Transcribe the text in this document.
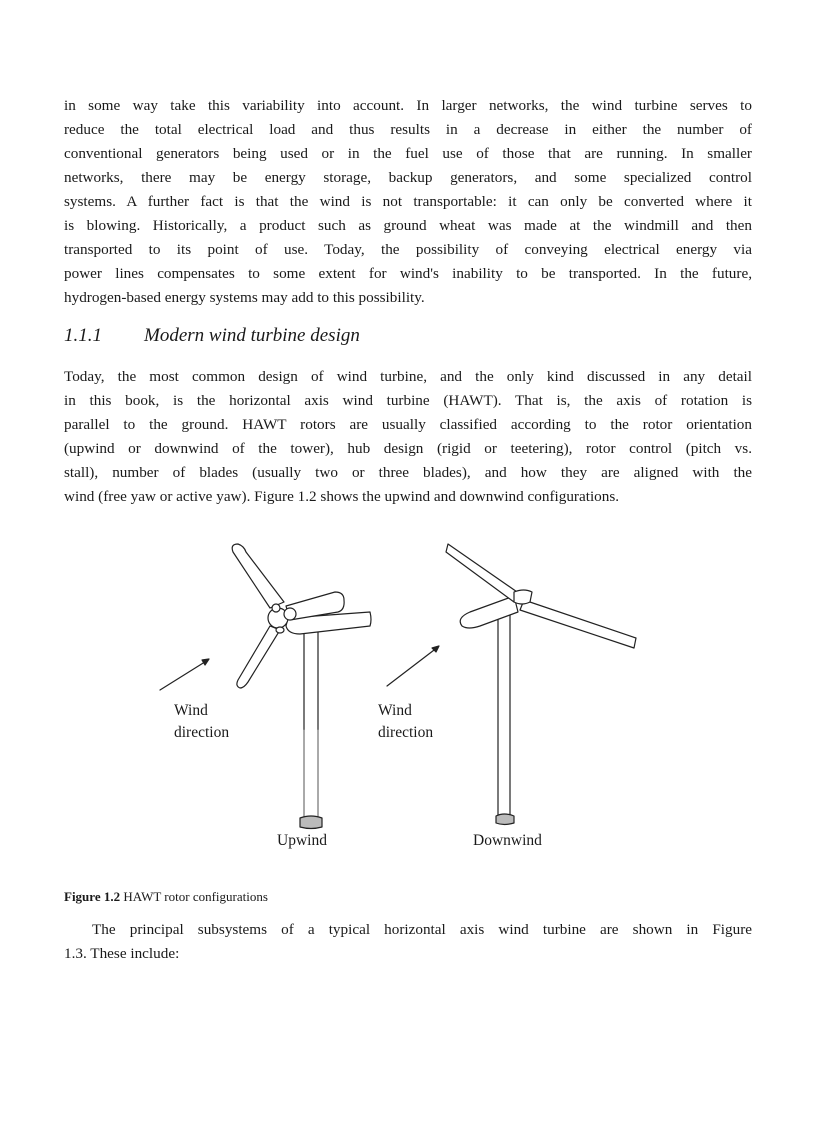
in some way take this variability into account. In larger networks, the wind turbine serves to
reduce the total electrical load and thus results in a decrease in either the number of
conventional generators being used or in the fuel use of those that are running. In smaller
networks, there may be energy storage, backup generators, and some specialized control
systems. A further fact is that the wind is not transportable: it can only be converted where it
is blowing. Historically, a product such as ground wheat was made at the windmill and then
transported to its point of use. Today, the possibility of conveying electrical energy via
power lines compensates to some extent for wind's inability to be transported. In the future,
hydrogen-based energy systems may add to this possibility.
1.1.1 Modern wind turbine design
Today, the most common design of wind turbine, and the only kind discussed in any detail
in this book, is the horizontal axis wind turbine (HAWT). That is, the axis of rotation is
parallel to the ground. HAWT rotors are usually classified according to the rotor orientation
(upwind or downwind of the tower), hub design (rigid or teetering), rotor control (pitch vs.
stall), number of blades (usually two or three blades), and how they are aligned with the
wind (free yaw or active yaw). Figure 1.2 shows the upwind and downwind configurations.
Wind
direction
Wind
direction
Upwind	Downwind
Figure 1.2 HAWT rotor configurations
The principal subsystems of a typical horizontal axis wind turbine are shown in Figure
1.3. These include:
